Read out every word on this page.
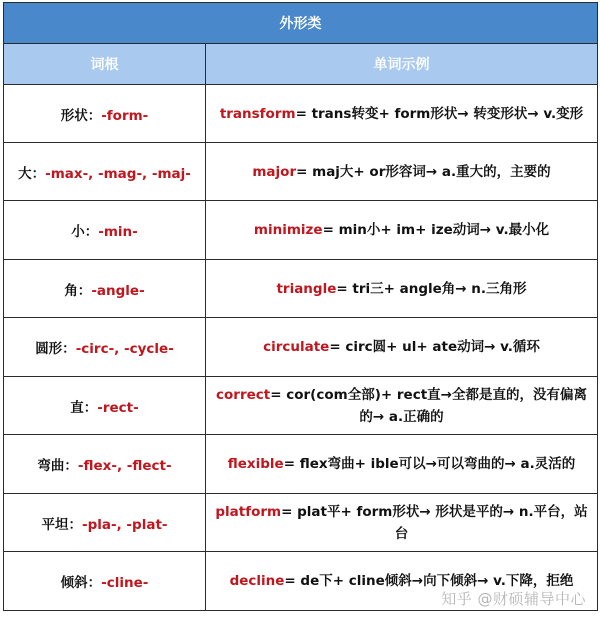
外形类	
词根	单词示例
形状：-form-	transform= trans转变+ form形状→ 转变形状→ v.变形
大：-max-, -mag-, -maj-	major= maj大+ or形容词→ a.重大的，主要的
小：-min-	minimize= min小+ im+ ize动词→ v.最小化
角：-angle-	triangle= tri三+ angle角→ n.三角形
圆形：-circ-, -cycle-	circulate= circ圆+ ul+ ate动词→ v.循环
直：-rect-	correct= cor(com全部)+ rect直→全都是直的，没有偏离的→ a.正确的
弯曲：-flex-, -flect-	flexible= flex弯曲+ ible可以→可以弯曲的→ a.灵活的
平坦：-pla-, -plat-	platform= plat平+ form形状→ 形状是平的→ n.平台，站台
倾斜：-cline-	decline= de下+ cline倾斜→向下倾斜→ v.下降，拒绝
知乎 @财硕辅导中心
